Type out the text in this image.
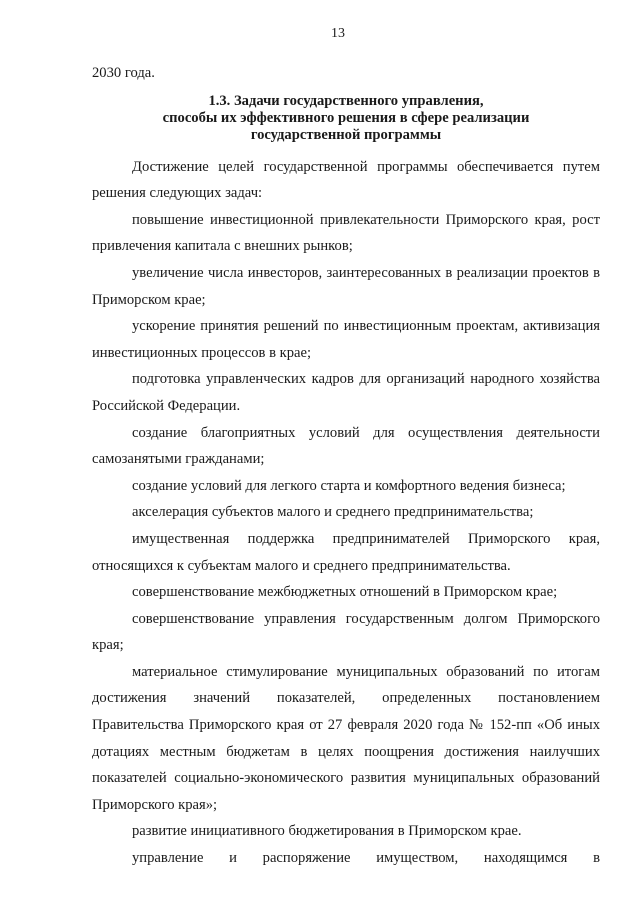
13

2030 года.

1.3. Задачи государственного управления,
способы их эффективного решения в сфере реализации
государственной программы

Достижение целей государственной программы обеспечивается путем решения следующих задач:

повышение инвестиционной привлекательности Приморского края, рост привлечения капитала с внешних рынков;

увеличение числа инвесторов, заинтересованных в реализации проектов в Приморском крае;

ускорение принятия решений по инвестиционным проектам, активизация инвестиционных процессов в крае;

подготовка управленческих кадров для организаций народного хозяйства Российской Федерации.

создание благоприятных условий для осуществления деятельности самозанятыми гражданами;

создание условий для легкого старта и комфортного ведения бизнеса;

акселерация субъектов малого и среднего предпринимательства;

имущественная поддержка предпринимателей Приморского края, относящихся к субъектам малого и среднего предпринимательства.

совершенствование межбюджетных отношений в Приморском крае;

совершенствование управления государственным долгом Приморского края;

материальное стимулирование муниципальных образований по итогам достижения значений показателей, определенных постановлением Правительства Приморского края от 27 февраля 2020 года № 152-пп «Об иных дотациях местным бюджетам в целях поощрения достижения наилучших показателей социально-экономического развития муниципальных образований Приморского края»;

развитие инициативного бюджетирования в Приморском крае.

управление и распоряжение имуществом, находящимся в
